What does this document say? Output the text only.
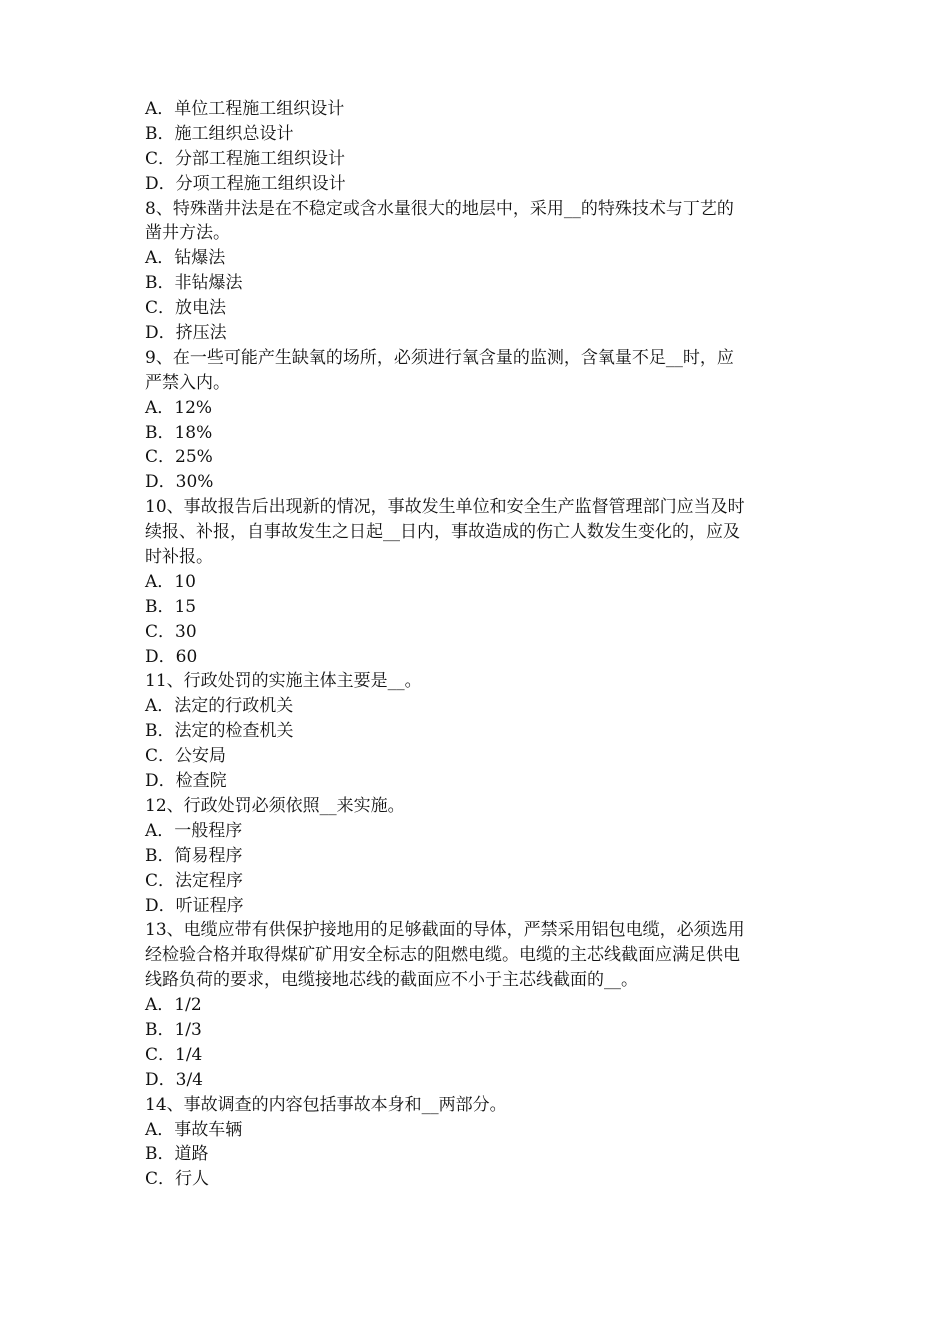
A．单位工程施工组织设计
B．施工组织总设计
C．分部工程施工组织设计
D．分项工程施工组织设计
8、特殊凿井法是在不稳定或含水量很大的地层中，采用__的特殊技术与丁艺的
凿井方法。
A．钻爆法
B．非钻爆法
C．放电法
D．挤压法
9、在一些可能产生缺氧的场所，必须进行氧含量的监测，含氧量不足__时，应
严禁入内。
A．12%
B．18%
C．25%
D．30%
10、事故报告后出现新的情况，事故发生单位和安全生产监督管理部门应当及时
续报、补报，自事故发生之日起__日内，事故造成的伤亡人数发生变化的，应及
时补报。
A．10
B．15
C．30
D．60
11、行政处罚的实施主体主要是__。
A．法定的行政机关
B．法定的检查机关
C．公安局
D．检查院
12、行政处罚必须依照__来实施。
A．一般程序
B．简易程序
C．法定程序
D．听证程序
13、电缆应带有供保护接地用的足够截面的导体，严禁采用铝包电缆，必须选用
经检验合格并取得煤矿矿用安全标志的阻燃电缆。电缆的主芯线截面应满足供电
线路负荷的要求，电缆接地芯线的截面应不小于主芯线截面的__。
A．1/2
B．1/3
C．1/4
D．3/4
14、事故调查的内容包括事故本身和__两部分。
A．事故车辆
B．道路
C．行人
